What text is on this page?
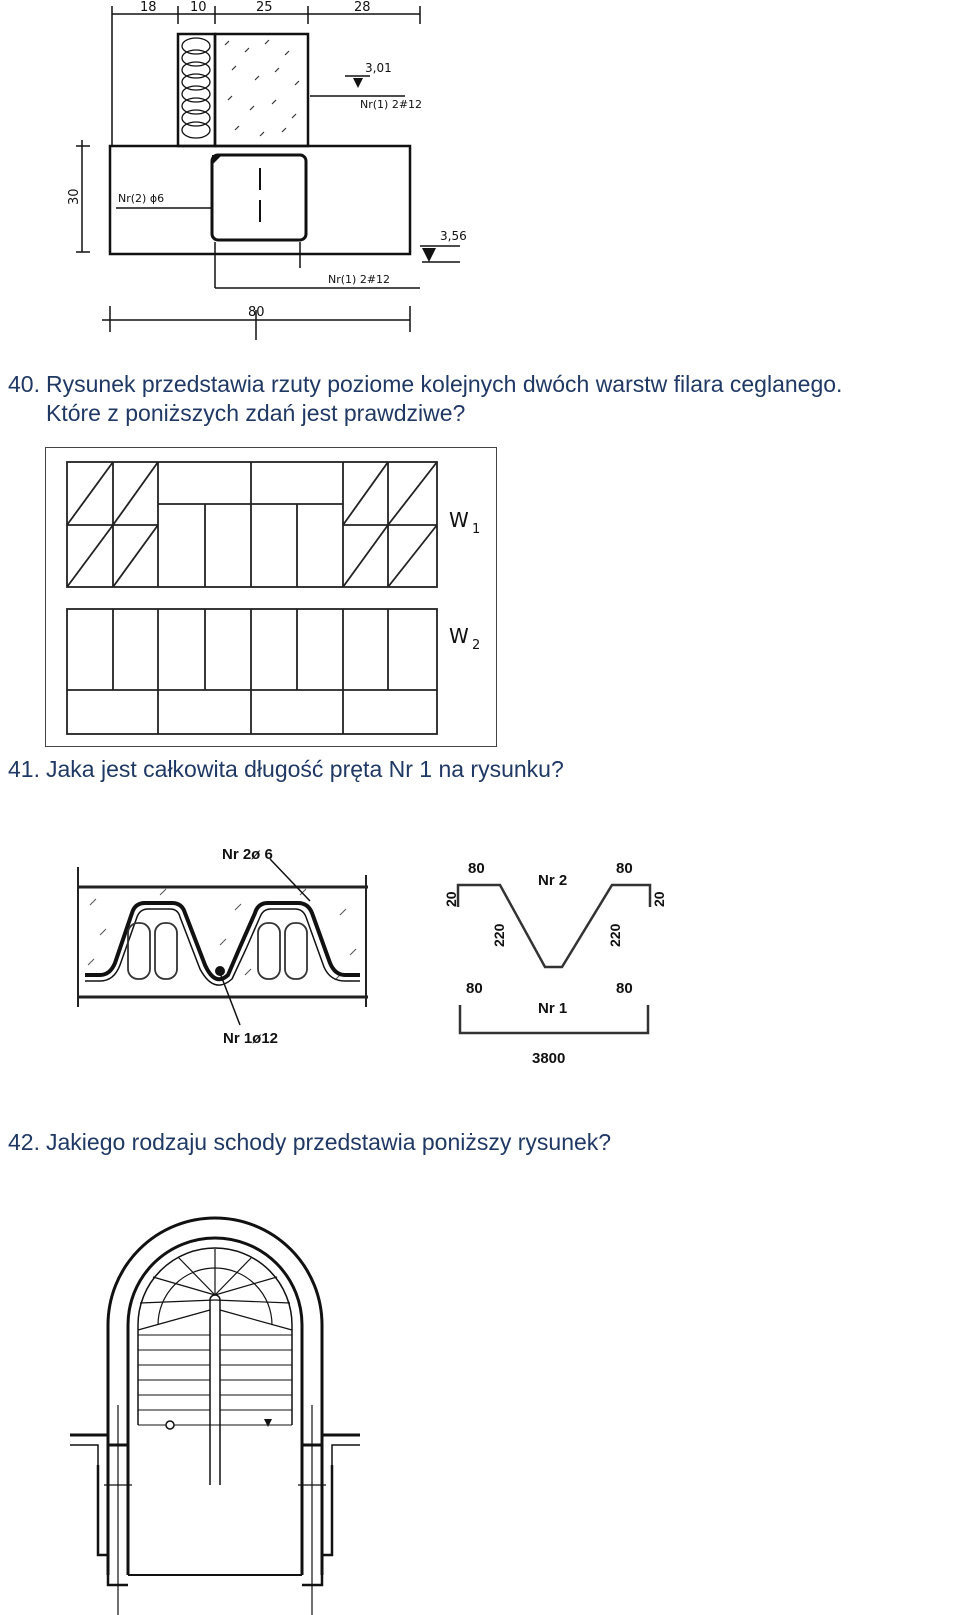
18	10	25	28
3,01
Nr(1) 2#12
Nr(2) ϕ6
3,56
Nr(1) 2#12
80
30

40. Rysunek przedstawia rzuty poziome kolejnych dwóch warstw filara ceglanego.
Które z poniższych zdań jest prawdziwe?

W 1
W 2

41. Jaka jest całkowita długość pręta Nr 1 na rysunku?

Nr 2ø 6
Nr 1ø12
Nr 2
80	80
20	20
220	220
Nr 1
80	80
3800

42. Jakiego rodzaju schody przedstawia poniższy rysunek?
